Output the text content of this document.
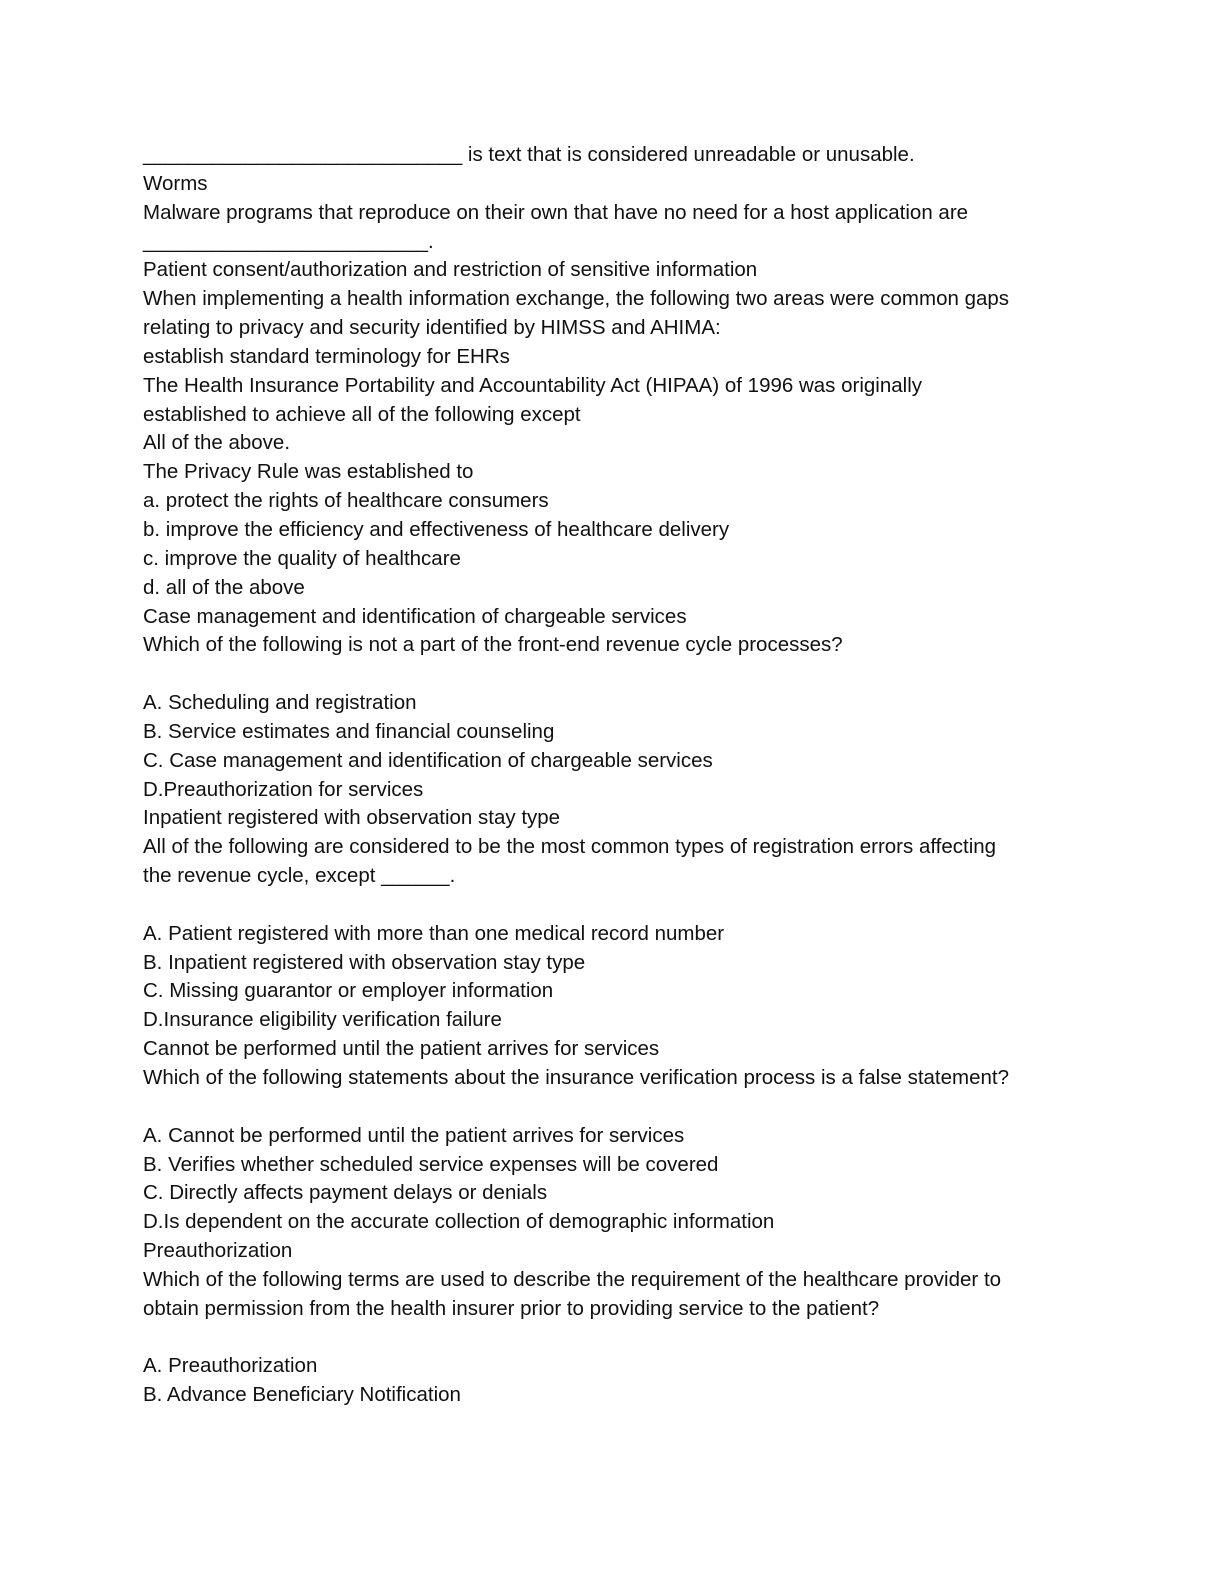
____________________________ is text that is considered unreadable or unusable.
Worms
Malware programs that reproduce on their own that have no need for a host application are
_________________________.
Patient consent/authorization and restriction of sensitive information
When implementing a health information exchange, the following two areas were common gaps
relating to privacy and security identified by HIMSS and AHIMA:
establish standard terminology for EHRs
The Health Insurance Portability and Accountability Act (HIPAA) of 1996 was originally
established to achieve all of the following except
All of the above.
The Privacy Rule was established to
a. protect the rights of healthcare consumers
b. improve the efficiency and effectiveness of healthcare delivery
c. improve the quality of healthcare
d. all of the above
Case management and identification of chargeable services
Which of the following is not a part of the front-end revenue cycle processes?
A. Scheduling and registration
B. Service estimates and financial counseling
C. Case management and identification of chargeable services
D.Preauthorization for services
Inpatient registered with observation stay type
All of the following are considered to be the most common types of registration errors affecting
the revenue cycle, except ______.
A. Patient registered with more than one medical record number
B. Inpatient registered with observation stay type
C. Missing guarantor or employer information
D.Insurance eligibility verification failure
Cannot be performed until the patient arrives for services
Which of the following statements about the insurance verification process is a false statement?
A. Cannot be performed until the patient arrives for services
B. Verifies whether scheduled service expenses will be covered
C. Directly affects payment delays or denials
D.Is dependent on the accurate collection of demographic information
Preauthorization
Which of the following terms are used to describe the requirement of the healthcare provider to
obtain permission from the health insurer prior to providing service to the patient?
A. Preauthorization
B. Advance Beneficiary Notification
